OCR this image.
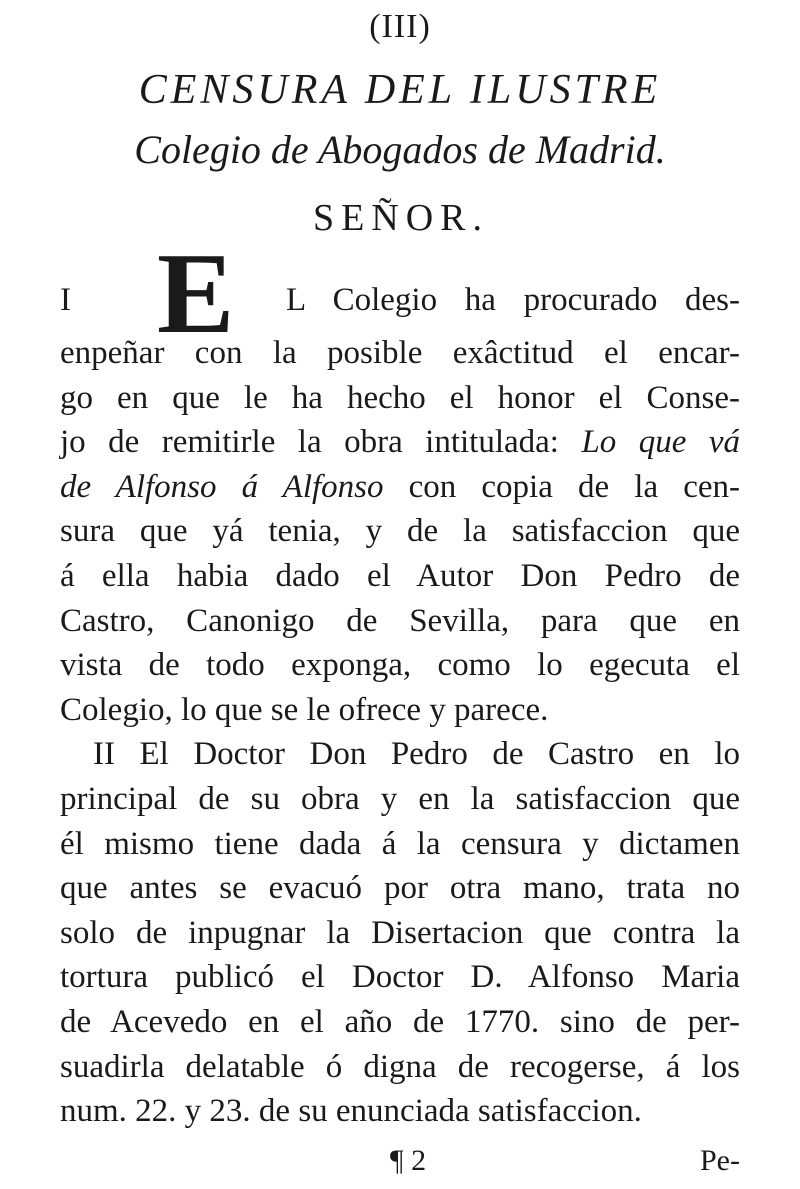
(III)
CENSURA DEL ILUSTRE
Colegio de Abogados de Madrid.
SEÑOR.
E
I	L Colegio ha procurado des-
enpeñar con la posible exâctitud el encar-
go en que le ha hecho el honor el Conse-
jo de remitirle la obra intitulada: Lo que vá
de Alfonso á Alfonso con copia de la cen-
sura que yá tenia, y de la satisfaccion que
á ella habia dado el Autor Don Pedro de
Castro, Canonigo de Sevilla, para que en
vista de todo exponga, como lo egecuta el
Colegio, lo que se le ofrece y parece.
II El Doctor Don Pedro de Castro en lo
principal de su obra y en la satisfaccion que
él mismo tiene dada á la censura y dictamen
que antes se evacuó por otra mano, trata no
solo de inpugnar la Disertacion que contra la
tortura publicó el Doctor D. Alfonso Maria
de Acevedo en el año de 1770. sino de per-
suadirla delatable ó digna de recogerse, á los
num. 22. y 23. de su enunciada satisfaccion.
¶ 2	Pe-
